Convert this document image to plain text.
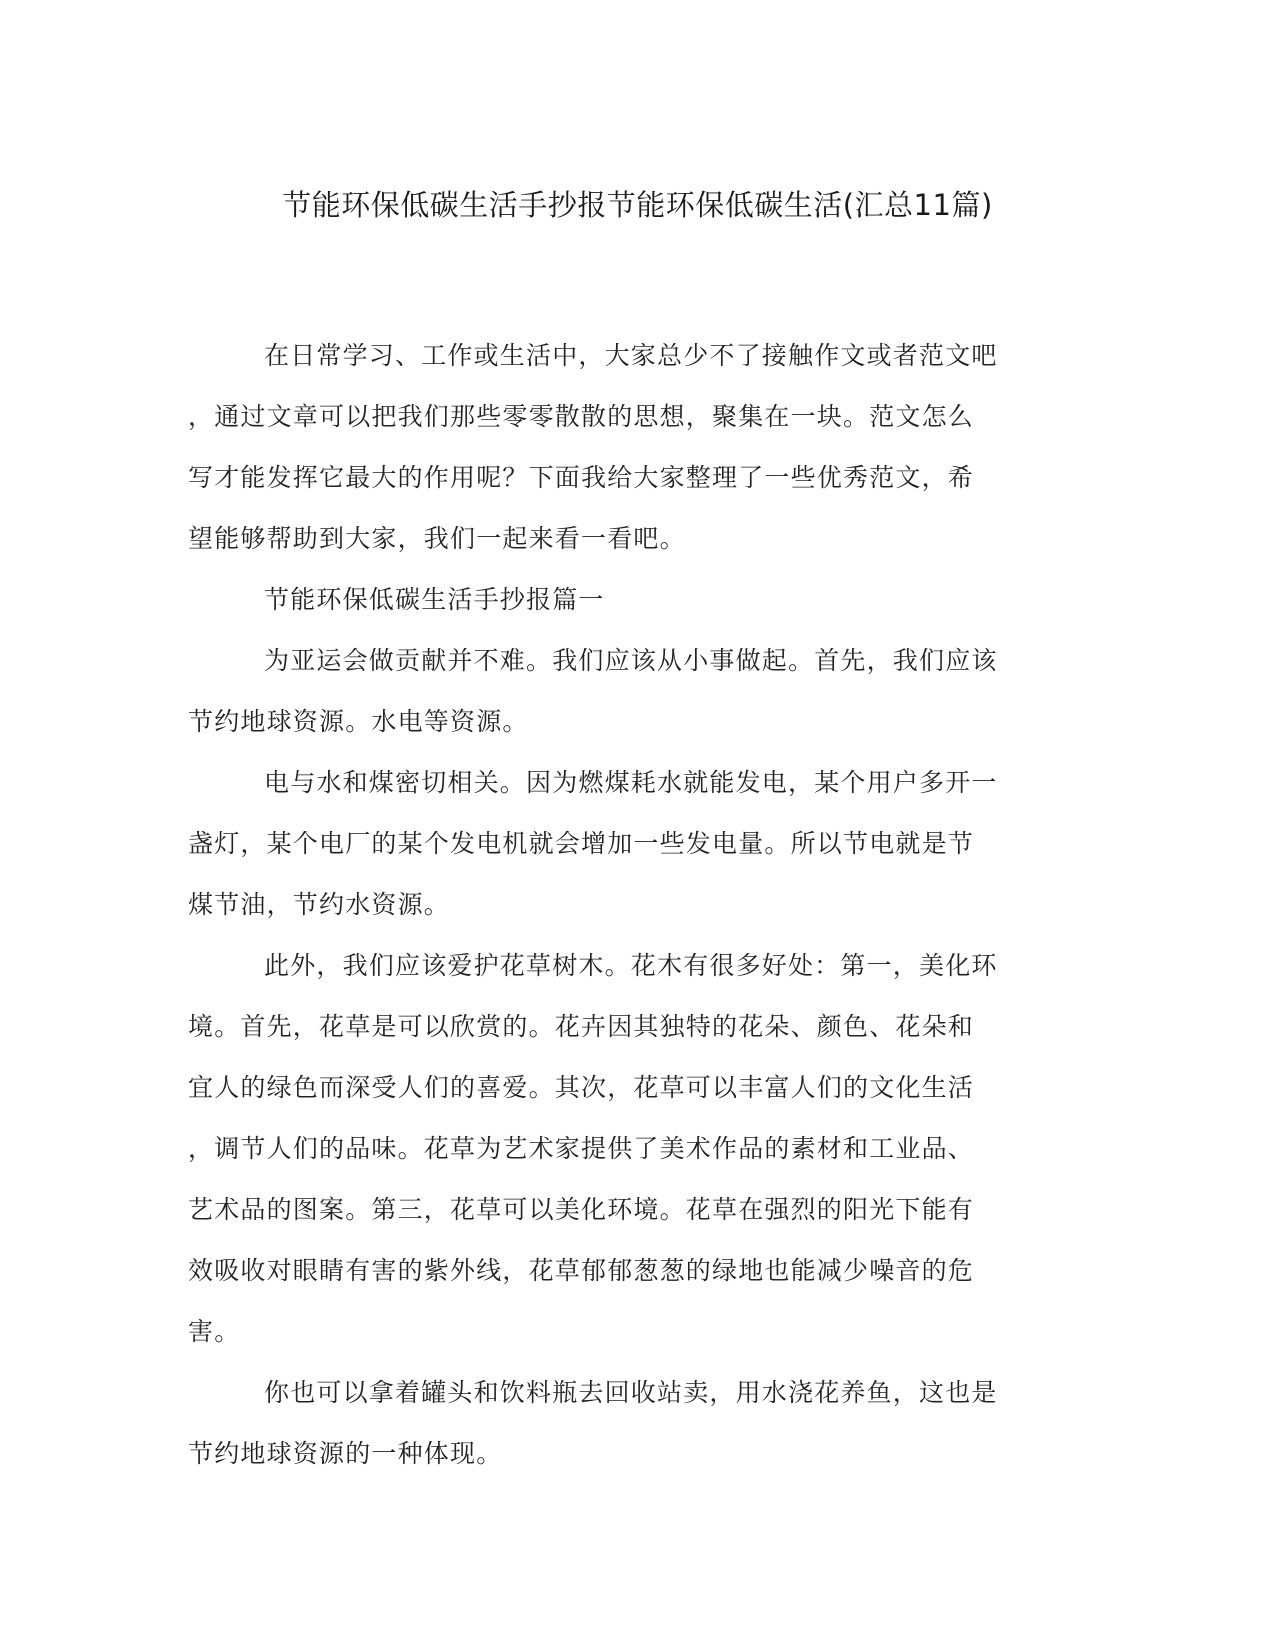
节能环保低碳生活手抄报节能环保低碳生活(汇总11篇)
在日常学习、工作或生活中，大家总少不了接触作文或者范文吧
，通过文章可以把我们那些零零散散的思想，聚集在一块。范文怎么
写才能发挥它最大的作用呢？下面我给大家整理了一些优秀范文，希
望能够帮助到大家，我们一起来看一看吧。
节能环保低碳生活手抄报篇一
为亚运会做贡献并不难。我们应该从小事做起。首先，我们应该
节约地球资源。水电等资源。
电与水和煤密切相关。因为燃煤耗水就能发电，某个用户多开一
盏灯，某个电厂的某个发电机就会增加一些发电量。所以节电就是节
煤节油，节约水资源。
此外，我们应该爱护花草树木。花木有很多好处：第一，美化环
境。首先，花草是可以欣赏的。花卉因其独特的花朵、颜色、花朵和
宜人的绿色而深受人们的喜爱。其次，花草可以丰富人们的文化生活
，调节人们的品味。花草为艺术家提供了美术作品的素材和工业品、
艺术品的图案。第三，花草可以美化环境。花草在强烈的阳光下能有
效吸收对眼睛有害的紫外线，花草郁郁葱葱的绿地也能减少噪音的危
害。
你也可以拿着罐头和饮料瓶去回收站卖，用水浇花养鱼，这也是
节约地球资源的一种体现。
